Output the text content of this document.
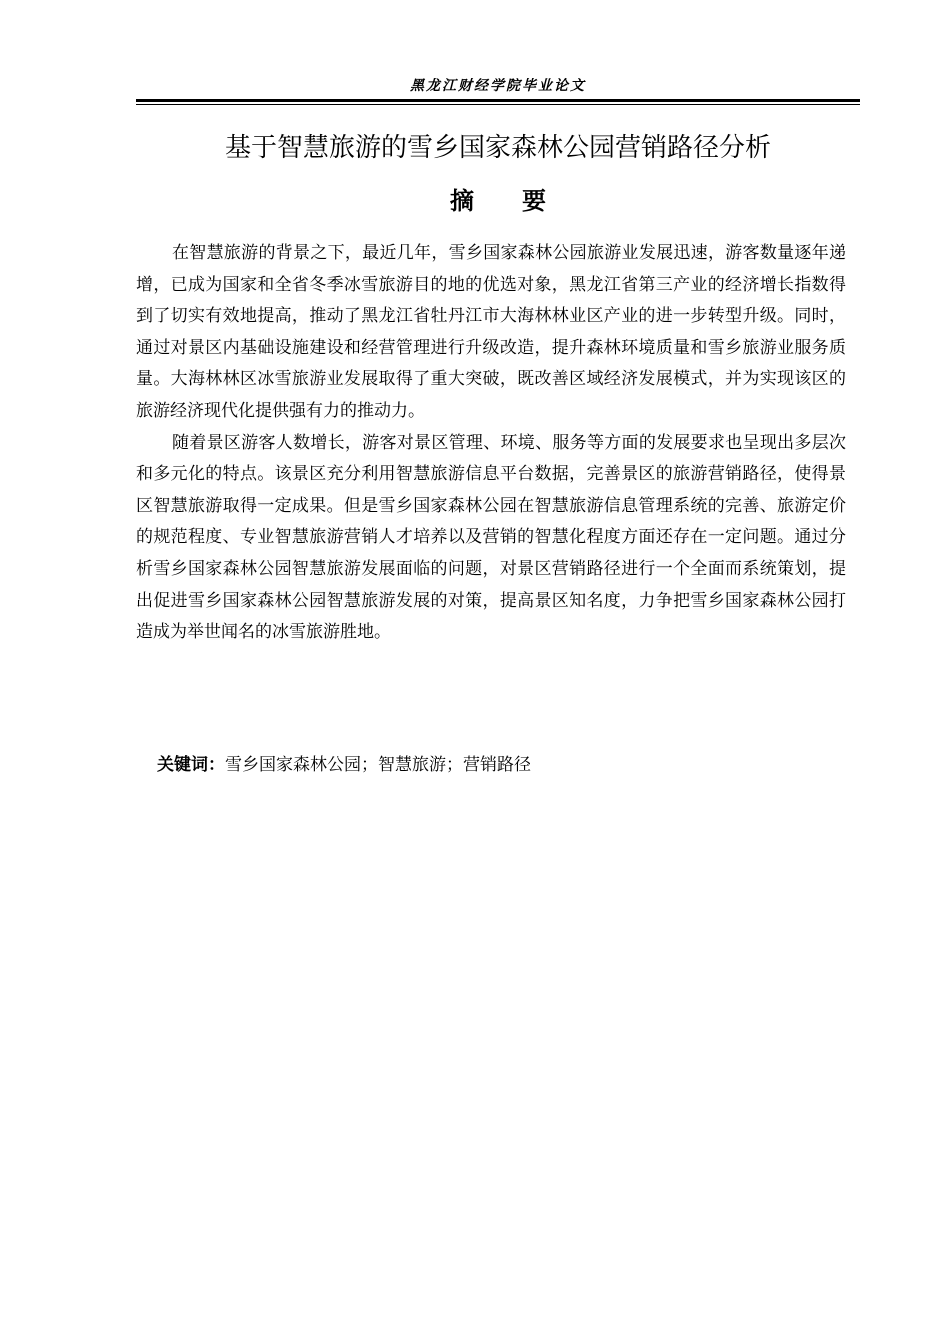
黑龙江财经学院毕业论文
基于智慧旅游的雪乡国家森林公园营销路径分析
摘要

在智慧旅游的背景之下，最近几年，雪乡国家森林公园旅游业发展迅速，游客数量逐年递增，已成为国家和全省冬季冰雪旅游目的地的优选对象，黑龙江省第三产业的经济增长指数得到了切实有效地提高，推动了黑龙江省牡丹江市大海林林业区产业的进一步转型升级。同时，通过对景区内基础设施建设和经营管理进行升级改造，提升森林环境质量和雪乡旅游业服务质量。大海林林区冰雪旅游业发展取得了重大突破，既改善区域经济发展模式，并为实现该区的旅游经济现代化提供强有力的推动力。

随着景区游客人数增长，游客对景区管理、环境、服务等方面的发展要求也呈现出多层次和多元化的特点。该景区充分利用智慧旅游信息平台数据，完善景区的旅游营销路径，使得景区智慧旅游取得一定成果。但是雪乡国家森林公园在智慧旅游信息管理系统的完善、旅游定价的规范程度、专业智慧旅游营销人才培养以及营销的智慧化程度方面还存在一定问题。通过分析雪乡国家森林公园智慧旅游发展面临的问题，对景区营销路径进行一个全面而系统策划，提出促进雪乡国家森林公园智慧旅游发展的对策，提高景区知名度，力争把雪乡国家森林公园打造成为举世闻名的冰雪旅游胜地。

关键词：雪乡国家森林公园；智慧旅游；营销路径
